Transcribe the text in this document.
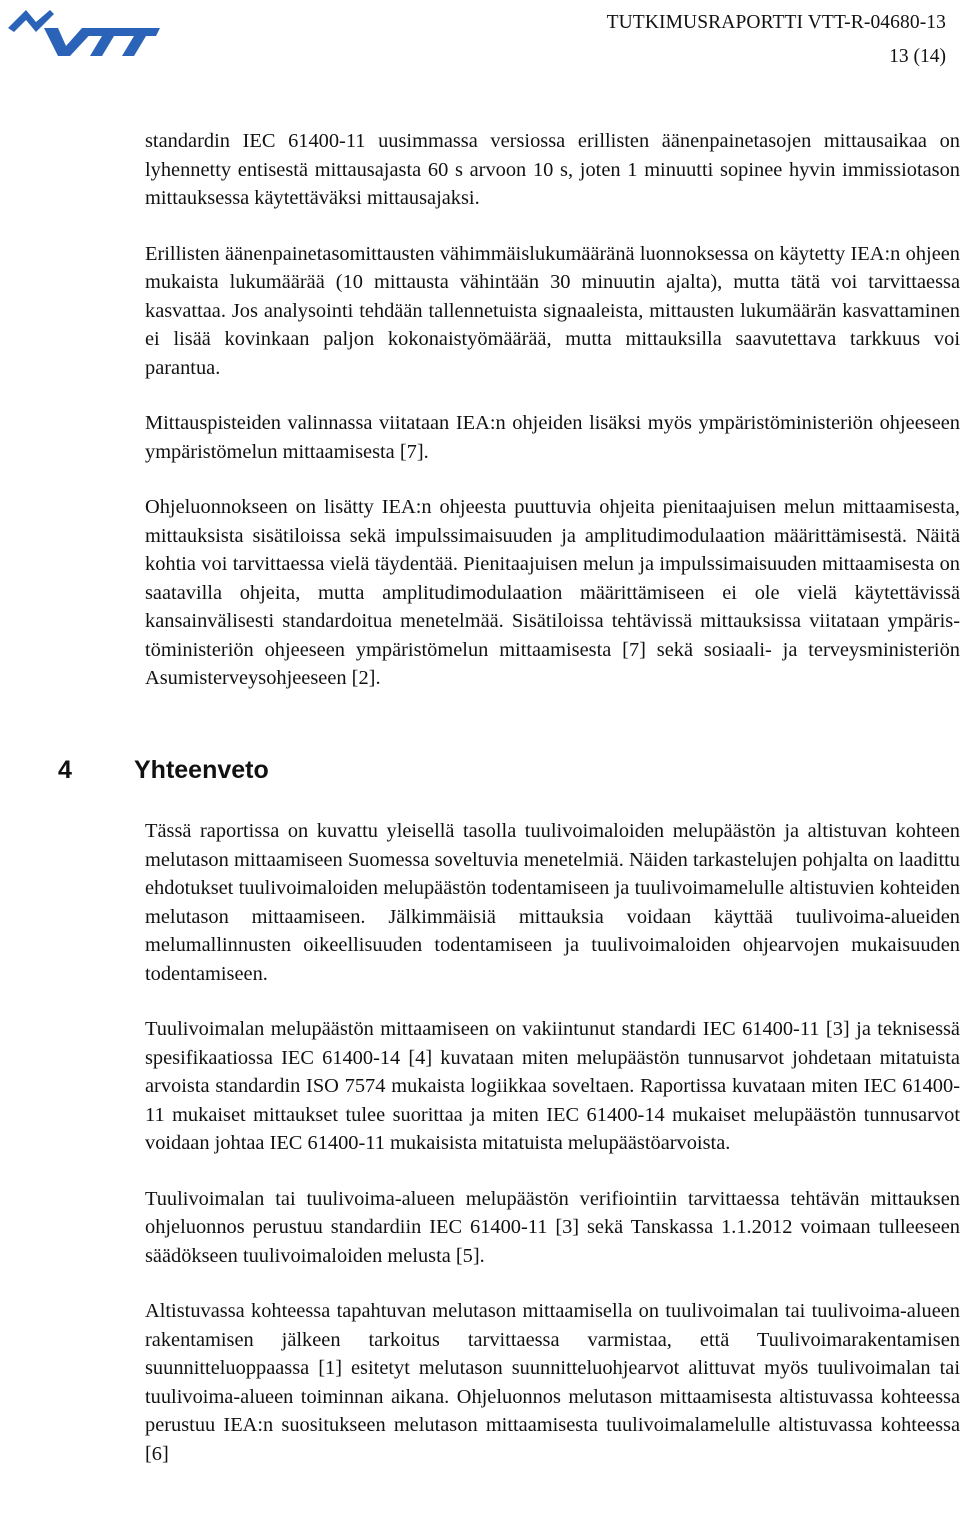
TUTKIMUSRAPORTTI VTT-R-04680-13
13 (14)

standardin IEC 61400-11 uusimmassa versiossa erillisten äänenpainetasojen mittausaikaa on lyhennetty entisestä mittausajasta 60 s arvoon 10 s, joten 1 minuutti sopinee hyvin immissiotason mittauksessa käytettäväksi mittausajaksi.

Erillisten äänenpainetasomittausten vähimmäislukumääränä luonnoksessa on käytetty IEA:n ohjeen mukaista lukumäärää (10 mittausta vähintään 30 minuutin ajalta), mutta tätä voi tarvittaessa kasvattaa. Jos analysointi tehdään tallennetuista signaaleista, mittausten lukumäärän kasvattaminen ei lisää kovinkaan paljon kokonaistyömäärää, mutta mittauksilla saavutettava tarkkuus voi parantua.

Mittauspisteiden valinnassa viitataan IEA:n ohjeiden lisäksi myös ympäristöministeriön ohjeeseen ympäristömelun mittaamisesta [7].

Ohjeluonnokseen on lisätty IEA:n ohjeesta puuttuvia ohjeita pienitaajuisen melun mittaamisesta, mittauksista sisätiloissa sekä impulssimaisuuden ja amplitudimodulaation määrittämisestä. Näitä kohtia voi tarvittaessa vielä täydentää. Pienitaajuisen melun ja impulssimaisuuden mittaamisesta on saatavilla ohjeita, mutta amplitudimodulaation määrittämiseen ei ole vielä käytettävissä kansainvälisesti standardoitua menetelmää. Sisätiloissa tehtävissä mittauksissa viitataan ympäristöministeriön ohjeeseen ympäristömelun mittaamisesta [7] sekä sosiaali- ja terveysministeriön Asumisterveysohjeeseen [2].

4 Yhteenveto

Tässä raportissa on kuvattu yleisellä tasolla tuulivoimaloiden melupäästön ja altistuvan kohteen melutason mittaamiseen Suomessa soveltuvia menetelmiä. Näiden tarkastelujen pohjalta on laadittu ehdotukset tuulivoimaloiden melupäästön todentamiseen ja tuulivoimamelulle altistuvien kohteiden melutason mittaamiseen. Jälkimmäisiä mittauksia voidaan käyttää tuulivoima-alueiden melumallinnusten oikeellisuuden todentamiseen ja tuulivoimaloiden ohjearvojen mukaisuuden todentamiseen.

Tuulivoimalan melupäästön mittaamiseen on vakiintunut standardi IEC 61400-11 [3] ja teknisessä spesifikaatiossa IEC 61400-14 [4] kuvataan miten melupäästön tunnusarvot johdetaan mitatuista arvoista standardin ISO 7574 mukaista logiikkaa soveltaen. Raportissa kuvataan miten IEC 61400-11 mukaiset mittaukset tulee suorittaa ja miten IEC 61400-14 mukaiset melupäästön tunnusarvot voidaan johtaa IEC 61400-11 mukaisista mitatuista melupäästöarvoista.

Tuulivoimalan tai tuulivoima-alueen melupäästön verifiointiin tarvittaessa tehtävän mittauksen ohjeluonnos perustuu standardiin IEC 61400-11 [3] sekä Tanskassa 1.1.2012 voimaan tulleeseen säädökseen tuulivoimaloiden melusta [5].

Altistuvassa kohteessa tapahtuvan melutason mittaamisella on tuulivoimalan tai tuulivoima-alueen rakentamisen jälkeen tarkoitus tarvittaessa varmistaa, että Tuulivoimarakentamisen suunnitteluoppaassa [1] esitetyt melutason suunnitteluohjearvot alittuvat myös tuulivoimalan tai tuulivoima-alueen toiminnan aikana. Ohjeluonnos melutason mittaamisesta altistuvassa kohteessa perustuu IEA:n suositukseen melutason mittaamisesta tuulivoimalamelulle altistuvassa kohteessa [6]
